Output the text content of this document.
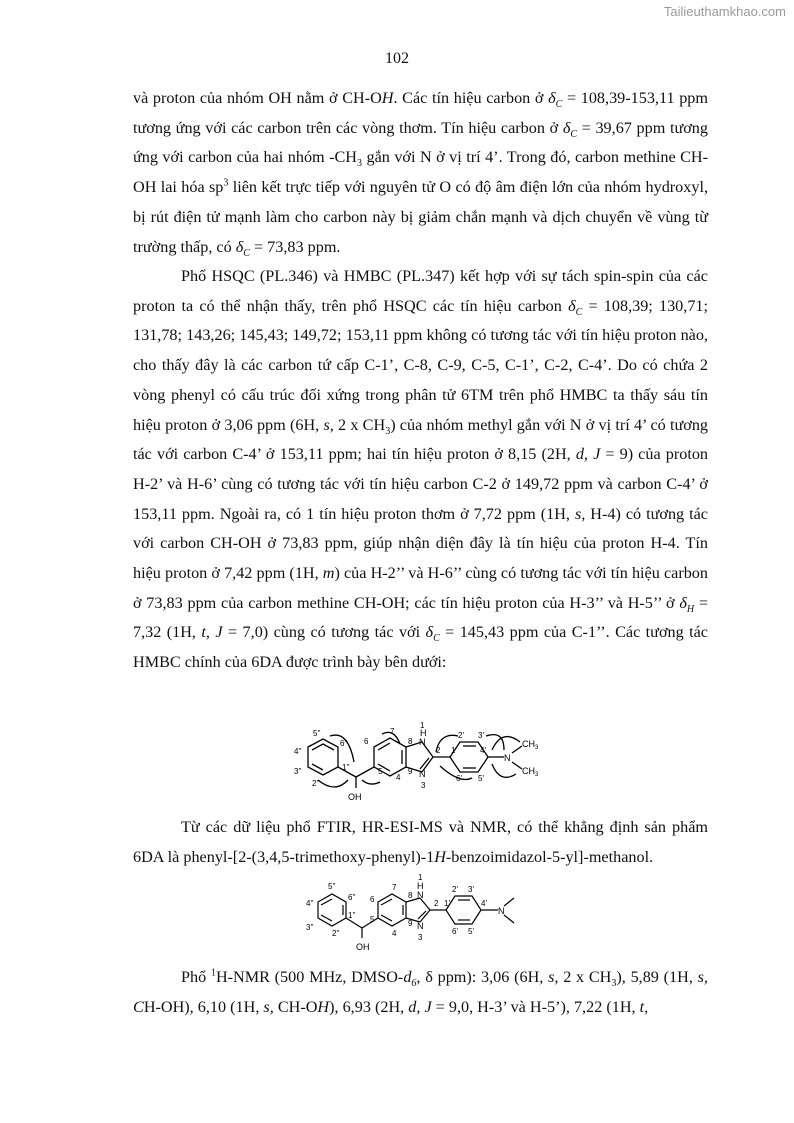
Tailieuthamkhao.com
102

và proton của nhóm OH nằm ở CH-OH. Các tín hiệu carbon ở $\delta_C = 108,39-153,11$ ppm tương ứng với các carbon trên các vòng thơm. Tín hiệu carbon ở $\delta_C = 39,67$ ppm tương ứng với carbon của hai nhóm $-CH_3$ gắn với N ở vị trí 4’. Trong đó, carbon methine CH-OH lai hóa $sp^3$ liên kết trực tiếp với nguyên tử O có độ âm điện lớn của nhóm hydroxyl, bị rút điện tử mạnh làm cho carbon này bị giảm chắn mạnh và dịch chuyển về vùng từ trường thấp, có $\delta_C = 73,83$ ppm.

Phổ HSQC (PL.346) và HMBC (PL.347) kết hợp với sự tách spin-spin của các proton ta có thể nhận thấy, trên phổ HSQC các tín hiệu carbon $\delta_C = 108,39$; 130,71; 131,78; 143,26; 145,43; 149,72; 153,11 ppm không có tương tác với tín hiệu proton nào, cho thấy đây là các carbon tứ cấp C-1’, C-8, C-9, C-5, C-1’, C-2, C-4’. Do có chứa 2 vòng phenyl có cấu trúc đối xứng trong phân tử 6TM trên phổ HMBC ta thấy sáu tín hiệu proton ở 3,06 ppm (6H, s, 2 x $CH_3$) của nhóm methyl gắn với N ở vị trí 4’ có tương tác với carbon C-4’ ở 153,11 ppm; hai tín hiệu proton ở 8,15 (2H, d, J = 9) của proton H-2’ và H-6’ cùng có tương tác với tín hiệu carbon C-2 ở 149,72 ppm và carbon C-4’ ở 153,11 ppm. Ngoài ra, có 1 tín hiệu proton thơm ở 7,72 ppm (1H, s, H-4) có tương tác với carbon CH-OH ở 73,83 ppm, giúp nhận diện đây là tín hiệu của proton H-4. Tín hiệu proton ở 7,42 ppm (1H, m) của H-2’’ và H-6’’ cùng có tương tác với tín hiệu carbon ở 73,83 ppm của carbon methine CH-OH; các tín hiệu proton của H-3’’ và H-5’’ ở $\delta_H = 7,32$ (1H, t, J = 7,0) cùng có tương tác với $\delta_C = 145,43$ ppm của C-1’’. Các tương tác HMBC chính của 6DA được trình bày bên dưới:

5''
4''
3''
2''
6''
1''
OH
6
7
8
9
5
4
1
H
N
N
3
2 1'
2' 3'
4'
6' 5'
N
$CH_3$
$CH_3$

Từ các dữ liệu phổ FTIR, HR-ESI-MS và NMR, có thể khẳng định sản phẩm 6DA là phenyl-[2-(3,4,5-trimethoxy-phenyl)-1H-benzoimidazol-5-yl]-methanol.

5''
4''
3''
2''
6''
1''
OH
6
7
8
9
5
4
1
H
N
N
3
2 1'
2' 3'
4'
6' 5'
N

Phổ $^1$H-NMR (500 MHz, DMSO-$d_6$, δ ppm): 3,06 (6H, s, 2 x $CH_3$), 5,89 (1H, s, CH-OH), 6,10 (1H, s, CH-OH), 6,93 (2H, d, J = 9,0, H-3’ và H-5’), 7,22 (1H, t,
